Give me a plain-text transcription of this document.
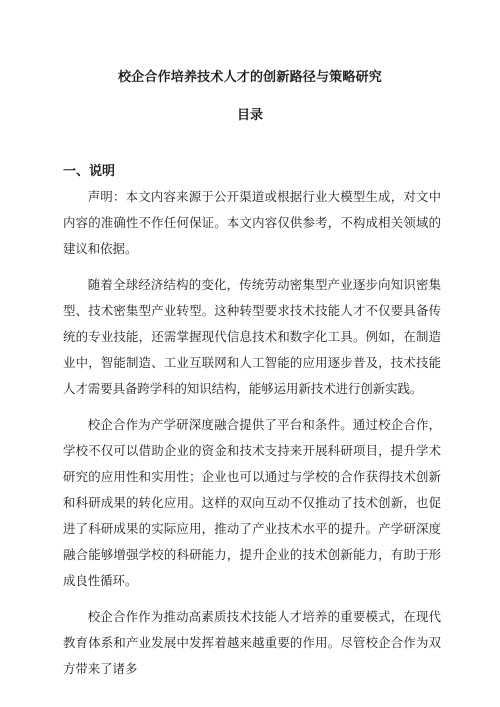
校企合作培养技术人才的创新路径与策略研究
目录
一、说明

声明：本文内容来源于公开渠道或根据行业大模型生成，对文中内容的准确性不作任何保证。本文内容仅供参考，不构成相关领域的建议和依据。

随着全球经济结构的变化，传统劳动密集型产业逐步向知识密集型、技术密集型产业转型。这种转型要求技术技能人才不仅要具备传统的专业技能，还需掌握现代信息技术和数字化工具。例如，在制造业中，智能制造、工业互联网和人工智能的应用逐步普及，技术技能人才需要具备跨学科的知识结构，能够运用新技术进行创新实践。

校企合作为产学研深度融合提供了平台和条件。通过校企合作，学校不仅可以借助企业的资金和技术支持来开展科研项目，提升学术研究的应用性和实用性；企业也可以通过与学校的合作获得技术创新和科研成果的转化应用。这样的双向互动不仅推动了技术创新，也促进了科研成果的实际应用，推动了产业技术水平的提升。产学研深度融合能够增强学校的科研能力，提升企业的技术创新能力，有助于形成良性循环。

校企合作作为推动高素质技术技能人才培养的重要模式，在现代教育体系和产业发展中发挥着越来越重要的作用。尽管校企合作为双方带来了诸多
